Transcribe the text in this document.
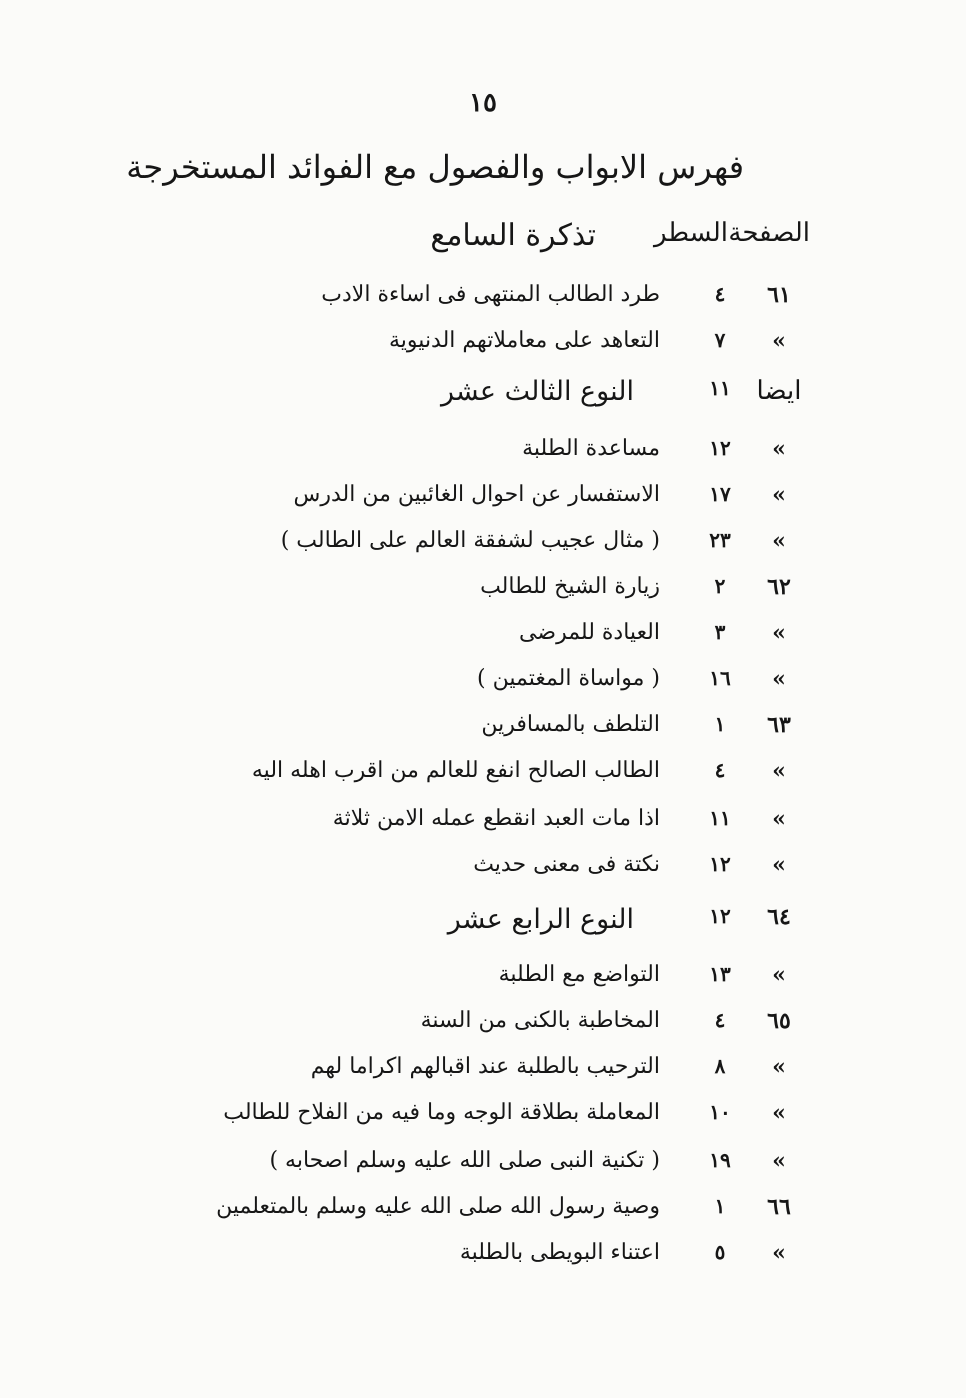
١٥
فهرس الابواب والفصول مع الفوائد المستخرجة
الصفحة
السطر
تذكرة السامع
٦١
٤
طرد الطالب المنتهى فى اساءة الادب
»
٧
التعاهد على معاملاتهم الدنيوية
ايضا
١١
النوع الثالث عشر
»
١٢
مساعدة الطلبة
»
١٧
الاستفسار عن احوال الغائبين من الدرس
»
٢٣
( مثال عجيب لشفقة العالم على الطالب )
٦٢
٢
زيارة الشيخ للطالب
»
٣
العيادة للمرضى
»
١٦
( مواساة المغتمين )
٦٣
١
التلطف بالمسافرين
»
٤
الطالب الصالح انفع للعالم من اقرب اهله اليه
»
١١
اذا مات العبد انقطع عمله الامن ثلاثة
»
١٢
نكتة فى معنى حديث
٦٤
١٢
النوع الرابع عشر
»
١٣
التواضع مع الطلبة
٦٥
٤
المخاطبة بالكنى من السنة
»
٨
الترحيب بالطلبة عند اقبالهم اكراما لهم
»
١٠
المعاملة بطلاقة الوجه وما فيه من الفلاح للطالب
»
١٩
( تكنية النبى صلى الله عليه وسلم اصحابه )
٦٦
١
وصية رسول الله صلى الله عليه وسلم بالمتعلمين
»
٥
اعتناء البويطى بالطلبة
